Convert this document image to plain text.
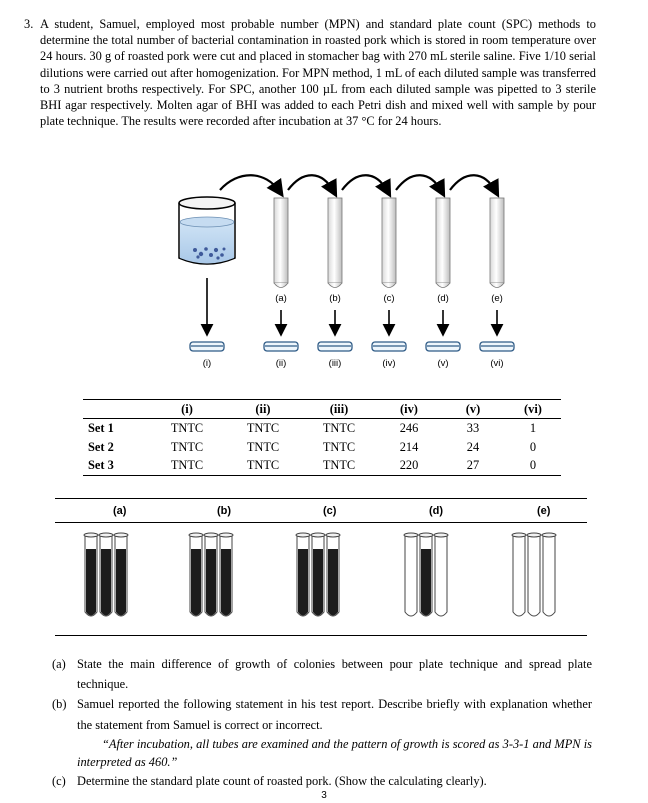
3. A student, Samuel, employed most probable number (MPN) and standard plate count (SPC) methods to determine the total number of bacterial contamination in roasted pork which is stored in room temperature over 24 hours. 30 g of roasted pork were cut and placed in stomacher bag with 270 mL sterile saline. Five 1/10 serial dilutions were carried out after homogenization. For MPN method, 1 mL of each diluted sample was transferred to 3 nutrient broths respectively. For SPC, another 100 µL from each diluted sample was pipetted to 3 sterile BHI agar respectively. Molten agar of BHI was added to each Petri dish and mixed well with sample by pour plate technique. The results were recorded after incubation at 37 °C for 24 hours.
(a)	(b)	(c)	(d)	(e)
(i)	(ii)	(iii)	(iv)	(v)	(vi)
	(i)	(ii)	(iii)	(iv)	(v)	(vi)
Set 1	TNTC	TNTC	TNTC	246	33	1
Set 2	TNTC	TNTC	TNTC	214	24	0
Set 3	TNTC	TNTC	TNTC	220	27	0
(a)	(b)	(c)	(d)	(e)
(a) State the main difference of growth of colonies between pour plate technique and spread plate technique.
(b) Samuel reported the following statement in his test report. Describe briefly with explanation whether the statement from Samuel is correct or incorrect.
“After incubation, all tubes are examined and the pattern of growth is scored as 3-3-1 and MPN is interpreted as 460.”
(c) Determine the standard plate count of roasted pork. (Show the calculating clearly).
3
